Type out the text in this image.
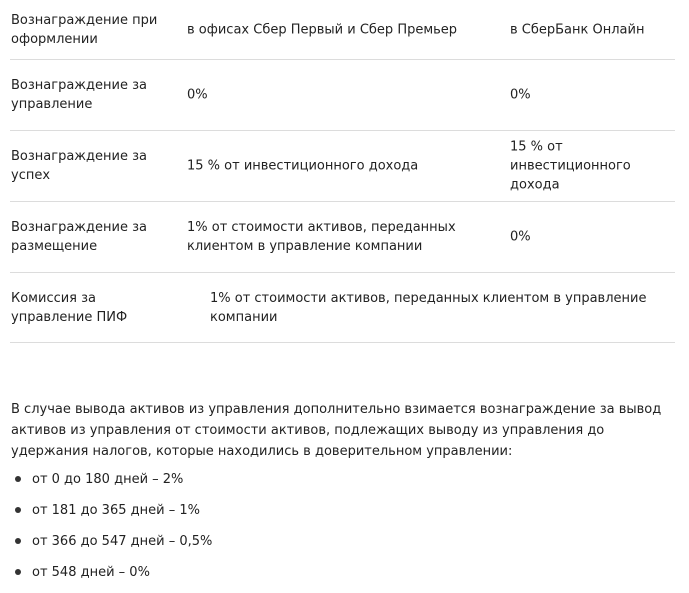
Вознаграждение при оформлении
в офисах Сбер Первый и Сбер Премьер	в СберБанк Онлайн
Вознаграждение за управление
0%	0%
Вознаграждение за успех
15 % от инвестиционного дохода
15 % от инвестиционного дохода
Вознаграждение за размещение
1% от стоимости активов, переданных клиентом в управление компании
0%
Комиссия за управление ПИФ
1% от стоимости активов, переданных клиентом в управление компании

В случае вывода активов из управления дополнительно взимается вознаграждение за вывод активов из управления от стоимости активов, подлежащих выводу из управления до удержания налогов, которые находились в доверительном управлении:

от 0 до 180 дней – 2%
от 181 до 365 дней – 1%
от 366 до 547 дней – 0,5%
от 548 дней – 0%
